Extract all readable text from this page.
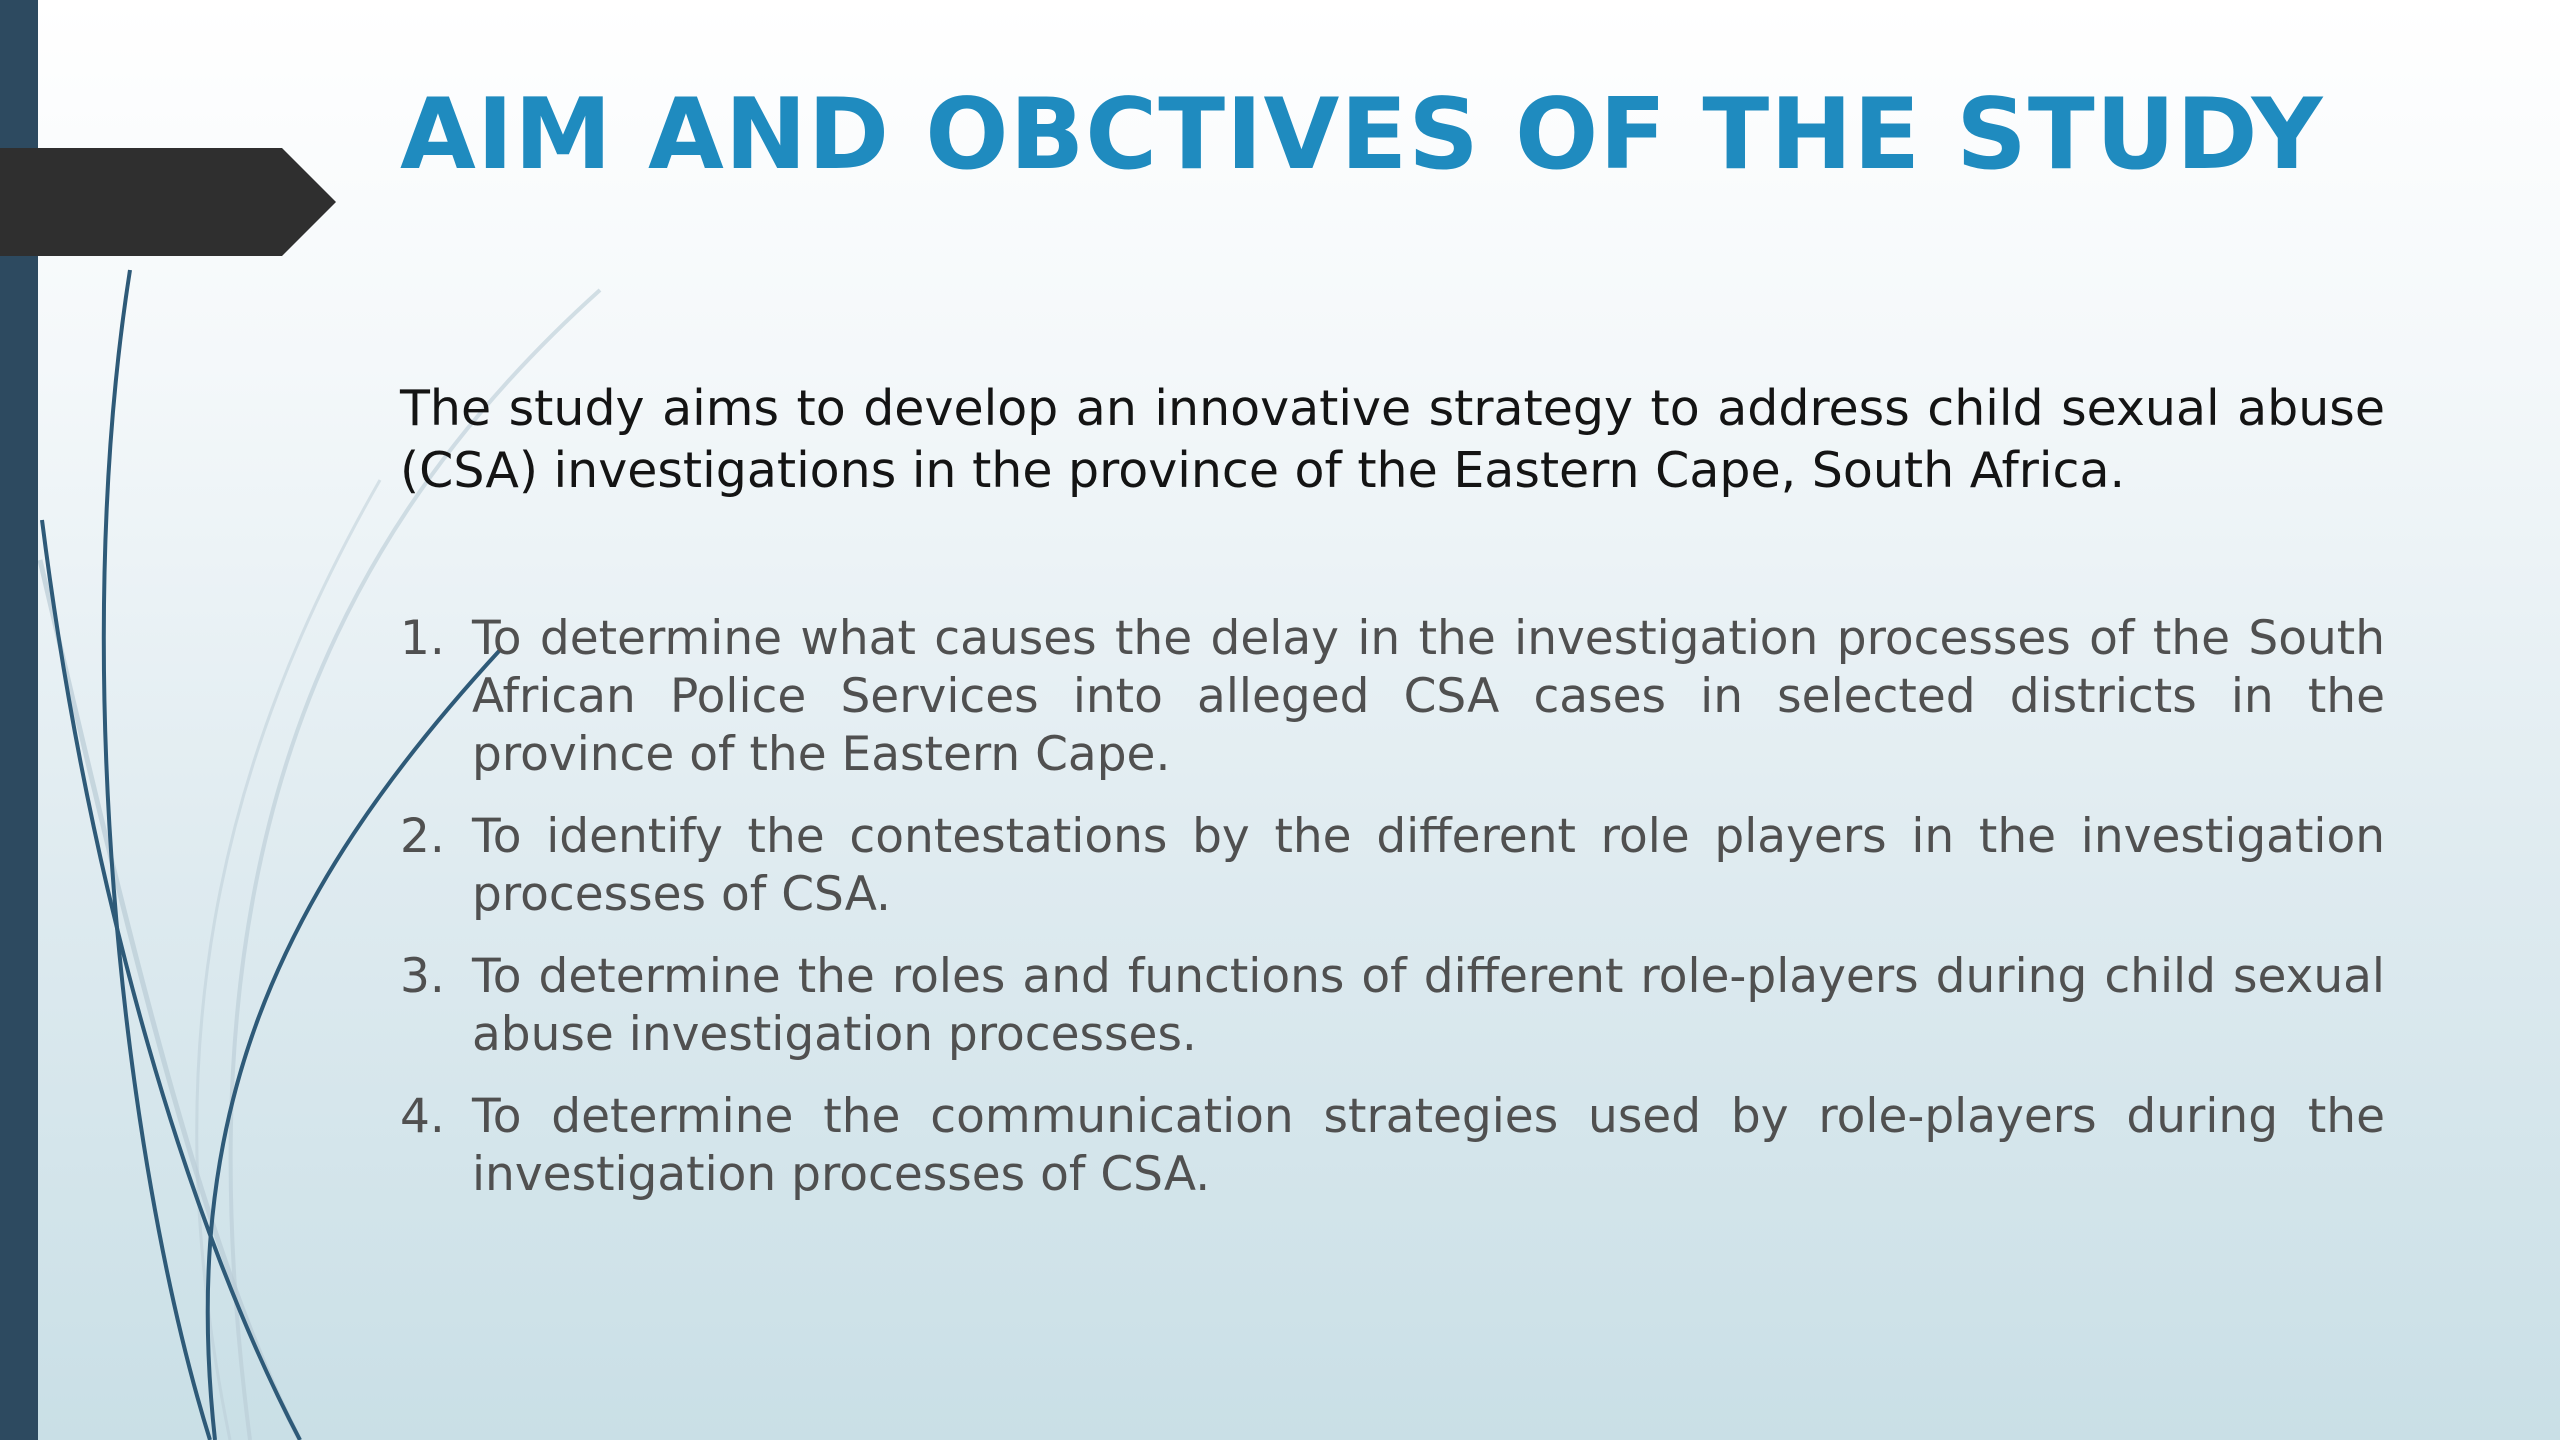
AIM AND OBCTIVES OF THE STUDY

The study aims to develop an innovative strategy to address child sexual abuse (CSA) investigations in the province of the Eastern Cape, South Africa.

1. To determine what causes the delay in the investigation processes of the South African Police Services into alleged CSA cases in selected districts in the province of the Eastern Cape.
2. To identify the contestations by the different role players in the investigation processes of CSA.
3. To determine the roles and functions of different role-players during child sexual abuse investigation processes.
4. To determine the communication strategies used by role-players during the investigation processes of CSA.
